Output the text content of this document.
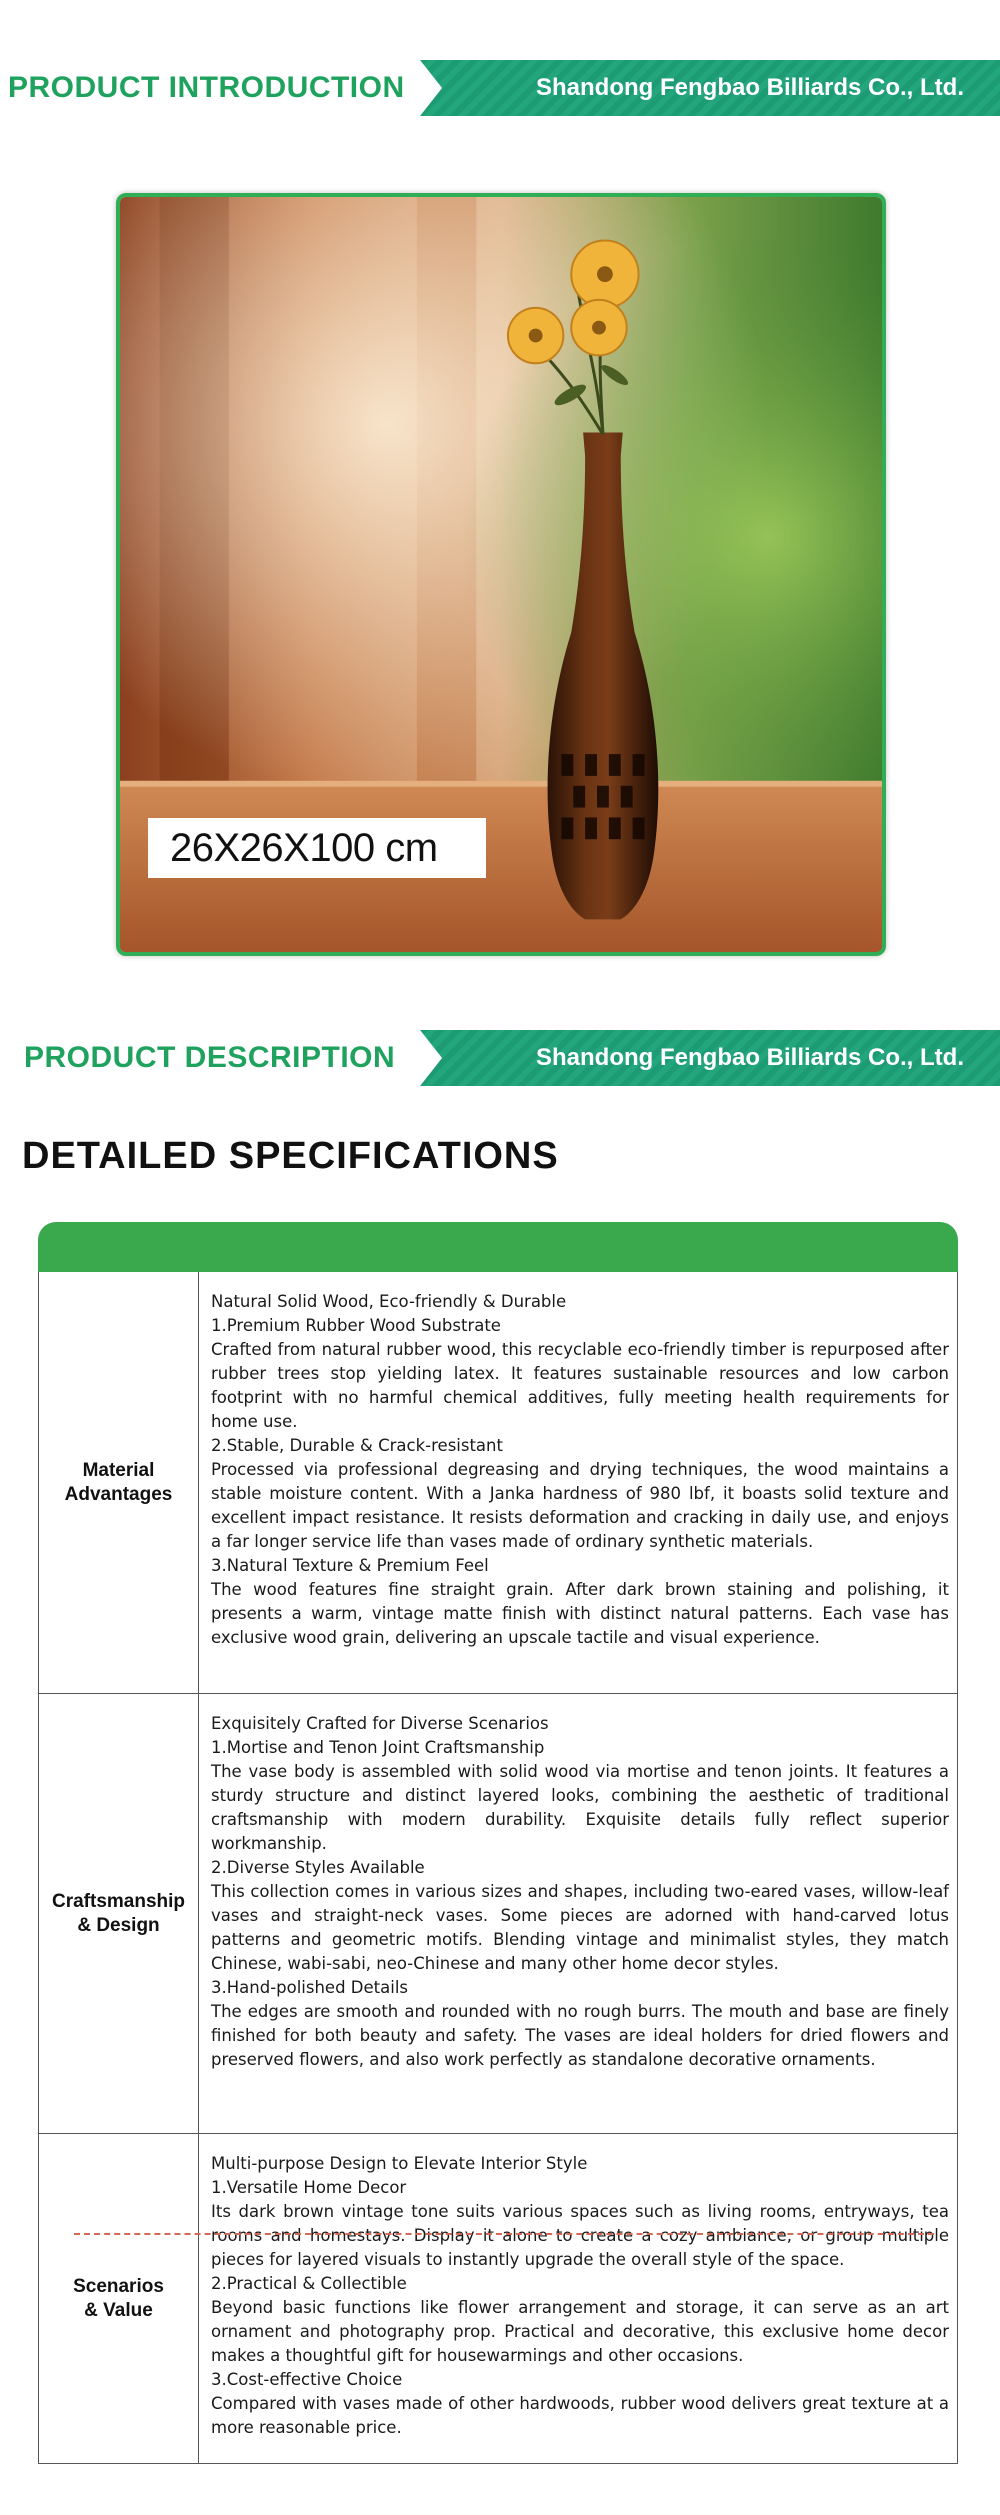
PRODUCT INTRODUCTION	Shandong Fengbao Billiards Co., Ltd.
26X26X100 cm
PRODUCT DESCRIPTION	Shandong Fengbao Billiards Co., Ltd.
DETAILED SPECIFICATIONS
Material
Advantages

Natural Solid Wood, Eco-friendly & Durable

1.Premium Rubber Wood Substrate

Crafted from natural rubber wood, this recyclable eco-friendly timber is repurposed after rubber trees stop yielding latex. It features sustainable resources and low carbon footprint with no harmful chemical additives, fully meeting health requirements for home use.

2.Stable, Durable & Crack-resistant

Processed via professional degreasing and drying techniques, the wood maintains a stable moisture content. With a Janka hardness of 980 lbf, it boasts solid texture and excellent impact resistance. It resists deformation and cracking in daily use, and enjoys a far longer service life than vases made of ordinary synthetic materials.

3.Natural Texture & Premium Feel

The wood features fine straight grain. After dark brown staining and polishing, it presents a warm, vintage matte finish with distinct natural patterns. Each vase has exclusive wood grain, delivering an upscale tactile and visual experience.

Craftsmanship
& Design

Exquisitely Crafted for Diverse Scenarios

1.Mortise and Tenon Joint Craftsmanship

The vase body is assembled with solid wood via mortise and tenon joints. It features a sturdy structure and distinct layered looks, combining the aesthetic of traditional craftsmanship with modern durability. Exquisite details fully reflect superior workmanship.

2.Diverse Styles Available

This collection comes in various sizes and shapes, including two-eared vases, willow-leaf vases and straight-neck vases. Some pieces are adorned with hand-carved lotus patterns and geometric motifs. Blending vintage and minimalist styles, they match Chinese, wabi-sabi, neo-Chinese and many other home decor styles.

3.Hand-polished Details

The edges are smooth and rounded with no rough burrs. The mouth and base are finely finished for both beauty and safety. The vases are ideal holders for dried flowers and preserved flowers, and also work perfectly as standalone decorative ornaments.

Scenarios
& Value

Multi-purpose Design to Elevate Interior Style

1.Versatile Home Decor

Its dark brown vintage tone suits various spaces such as living rooms, entryways, tea rooms and homestays. Display it alone to create a cozy ambiance, or group multiple pieces for layered visuals to instantly upgrade the overall style of the space.

2.Practical & Collectible

Beyond basic functions like flower arrangement and storage, it can serve as an art ornament and photography prop. Practical and decorative, this exclusive home decor makes a thoughtful gift for housewarmings and other occasions.

3.Cost-effective Choice

Compared with vases made of other hardwoods, rubber wood delivers great texture at a more reasonable price.
